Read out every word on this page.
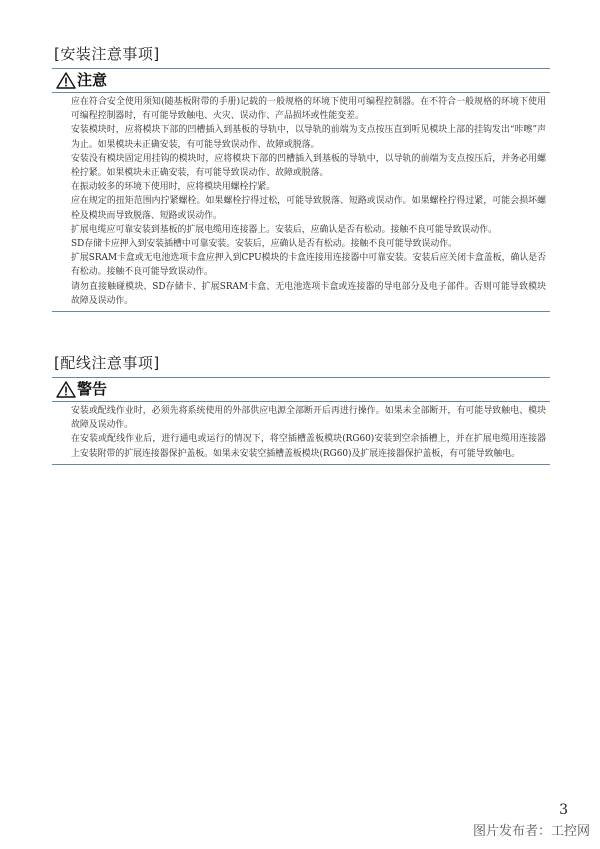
[安装注意事项]
注意

应在符合安全使用须知(随基板附带的手册)记载的一般规格的环境下使用可编程控制器。在不符合一般规格的环境下使用可编程控制器时，有可能导致触电、火灾、误动作、产品损坏或性能变差。

安装模块时，应将模块下部的凹槽插入到基板的导轨中，以导轨的前端为支点按压直到听见模块上部的挂钩发出“咔嚓”声为止。如果模块未正确安装，有可能导致误动作、故障或脱落。

安装没有模块固定用挂钩的模块时，应将模块下部的凹槽插入到基板的导轨中，以导轨的前端为支点按压后，并务必用螺栓拧紧。如果模块未正确安装，有可能导致误动作、故障或脱落。

在振动较多的环境下使用时，应将模块用螺栓拧紧。

应在规定的扭矩范围内拧紧螺栓。如果螺栓拧得过松，可能导致脱落、短路或误动作。如果螺栓拧得过紧，可能会损坏螺栓及模块而导致脱落、短路或误动作。

扩展电缆应可靠安装到基板的扩展电缆用连接器上。安装后，应确认是否有松动。接触不良可能导致误动作。

SD存储卡应押入到安装插槽中可靠安装。安装后，应确认是否有松动。接触不良可能导致误动作。

扩展SRAM卡盒或无电池选项卡盒应押入到CPU模块的卡盒连接用连接器中可靠安装。安装后应关闭卡盒盖板，确认是否有松动。接触不良可能导致误动作。

请勿直接触碰模块、SD存储卡、扩展SRAM卡盒、无电池选项卡盒或连接器的导电部分及电子部件。否则可能导致模块故障及误动作。

[配线注意事项]
警告

安装或配线作业时，必须先将系统使用的外部供应电源全部断开后再进行操作。如果未全部断开，有可能导致触电、模块故障及误动作。

在安装或配线作业后，进行通电或运行的情况下，将空插槽盖板模块(RG60)安装到空余插槽上，并在扩展电缆用连接器上安装附带的扩展连接器保护盖板。如果未安装空插槽盖板模块(RG60)及扩展连接器保护盖板，有可能导致触电。

3
图片发布者：工控网
